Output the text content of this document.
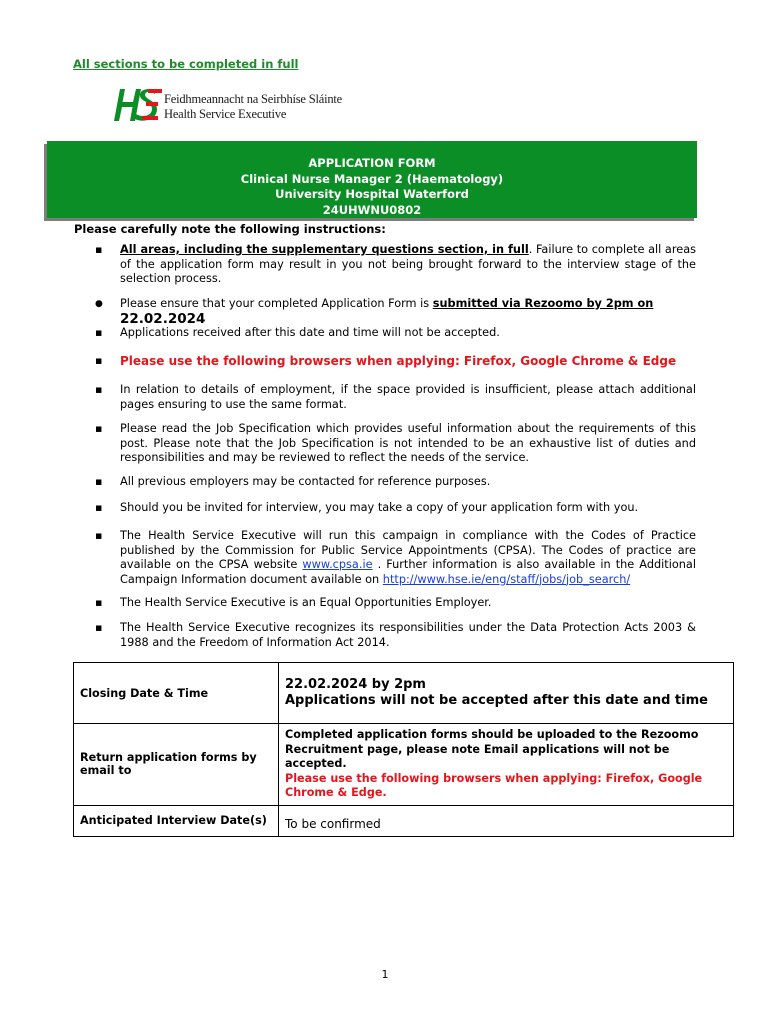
All sections to be completed in full
Feidhmeannacht na Seirbhíse Sláinte
Health Service Executive
APPLICATION FORM
Clinical Nurse Manager 2 (Haematology)
University Hospital Waterford
24UHWNU0802
Please carefully note the following instructions:
▪ All areas, including the supplementary questions section, in full. Failure to complete all areas of the application form may result in you not being brought forward to the interview stage of the selection process.
● Please ensure that your completed Application Form is submitted via Rezoomo by 2pm on
22.02.2024
▪ Applications received after this date and time will not be accepted.
▪ Please use the following browsers when applying: Firefox, Google Chrome & Edge
▪ In relation to details of employment, if the space provided is insufficient, please attach additional pages ensuring to use the same format.
▪ Please read the Job Specification which provides useful information about the requirements of this post. Please note that the Job Specification is not intended to be an exhaustive list of duties and responsibilities and may be reviewed to reflect the needs of the service.
▪ All previous employers may be contacted for reference purposes.
▪ Should you be invited for interview, you may take a copy of your application form with you.
▪ The Health Service Executive will run this campaign in compliance with the Codes of Practice published by the Commission for Public Service Appointments (CPSA). The Codes of practice are available on the CPSA website www.cpsa.ie . Further information is also available in the Additional Campaign Information document available on http://www.hse.ie/eng/staff/jobs/job_search/
▪ The Health Service Executive is an Equal Opportunities Employer.
▪ The Health Service Executive recognizes its responsibilities under the Data Protection Acts 2003 & 1988 and the Freedom of Information Act 2014.
Closing Date & Time	22.02.2024 by 2pm
Applications will not be accepted after this date and time

Return application forms by email to	Completed application forms should be uploaded to the Rezoomo Recruitment page, please note Email applications will not be accepted.
Please use the following browsers when applying: Firefox, Google Chrome & Edge.

Anticipated Interview Date(s)	To be confirmed
1
